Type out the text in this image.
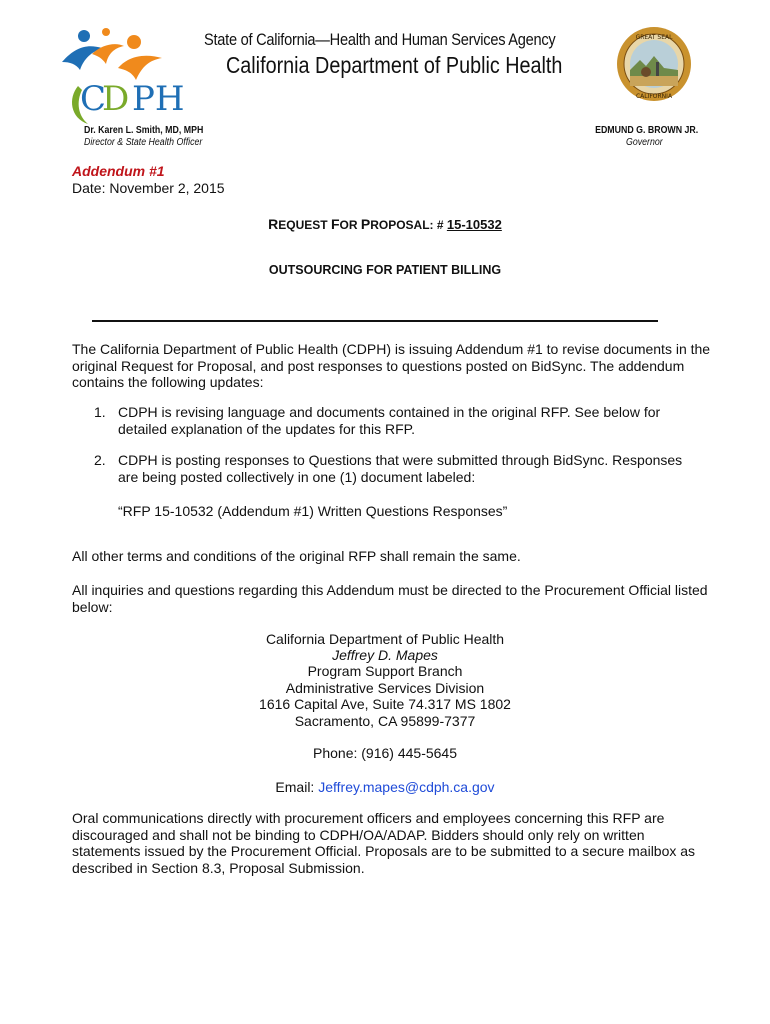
C
D PH
State of California—Health and Human Services Agency
California Department of Public Health
GREAT SEAL
CALIFORNIA
Dr. Karen L. Smith, MD, MPH
Director & State Health Officer
EDMUND G. BROWN JR.
Governor
Addendum #1
Date: November 2, 2015
REQUEST FOR PROPOSAL: # 15-10532
OUTSOURCING FOR PATIENT BILLING
The California Department of Public Health (CDPH) is issuing Addendum #1 to revise documents in the original Request for Proposal, and post responses to questions posted on BidSync. The addendum contains the following updates:
1. CDPH is revising language and documents contained in the original RFP. See below for detailed explanation of the updates for this RFP.
2. CDPH is posting responses to Questions that were submitted through BidSync. Responses are being posted collectively in one (1) document labeled:
“RFP 15-10532 (Addendum #1) Written Questions Responses”
All other terms and conditions of the original RFP shall remain the same.
All inquiries and questions regarding this Addendum must be directed to the Procurement Official listed below:
California Department of Public Health
Jeffrey D. Mapes
Program Support Branch
Administrative Services Division
1616 Capital Ave, Suite 74.317 MS 1802
Sacramento, CA 95899-7377
Phone: (916) 445-5645
Email: Jeffrey.mapes@cdph.ca.gov
Oral communications directly with procurement officers and employees concerning this RFP are discouraged and shall not be binding to CDPH/OA/ADAP. Bidders should only rely on written statements issued by the Procurement Official. Proposals are to be submitted to a secure mailbox as described in Section 8.3, Proposal Submission.
